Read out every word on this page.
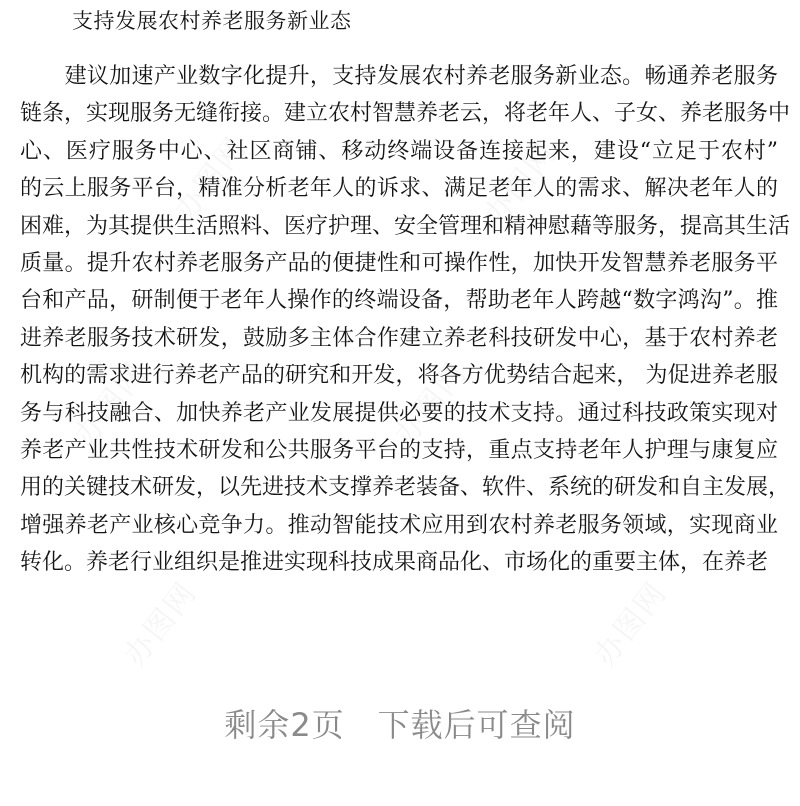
办图网	办图网
办图网	办图网
办图网	办图网
支持发展农村养老服务新业态
　　建议加速产业数字化提升，支持发展农村养老服务新业态。畅通养老服务
链条，实现服务无缝衔接。建立农村智慧养老云，将老年人、子女、养老服务中
心、医疗服务中心、社区商铺、移动终端设备连接起来，建设“立足于农村”
的云上服务平台，精准分析老年人的诉求、满足老年人的需求、解决老年人的
困难，为其提供生活照料、医疗护理、安全管理和精神慰藉等服务，提高其生活
质量。提升农村养老服务产品的便捷性和可操作性，加快开发智慧养老服务平
台和产品，研制便于老年人操作的终端设备，帮助老年人跨越“数字鸿沟”。推
进养老服务技术研发，鼓励多主体合作建立养老科技研发中心，基于农村养老
机构的需求进行养老产品的研究和开发，将各方优势结合起来， 为促进养老服
务与科技融合、加快养老产业发展提供必要的技术支持。通过科技政策实现对
养老产业共性技术研发和公共服务平台的支持，重点支持老年人护理与康复应
用的关键技术研发，以先进技术支撑养老装备、软件、系统的研发和自主发展，
增强养老产业核心竞争力。推动智能技术应用到农村养老服务领域，实现商业
转化。养老行业组织是推进实现科技成果商品化、市场化的重要主体，在养老
剩余2页　下载后可查阅
